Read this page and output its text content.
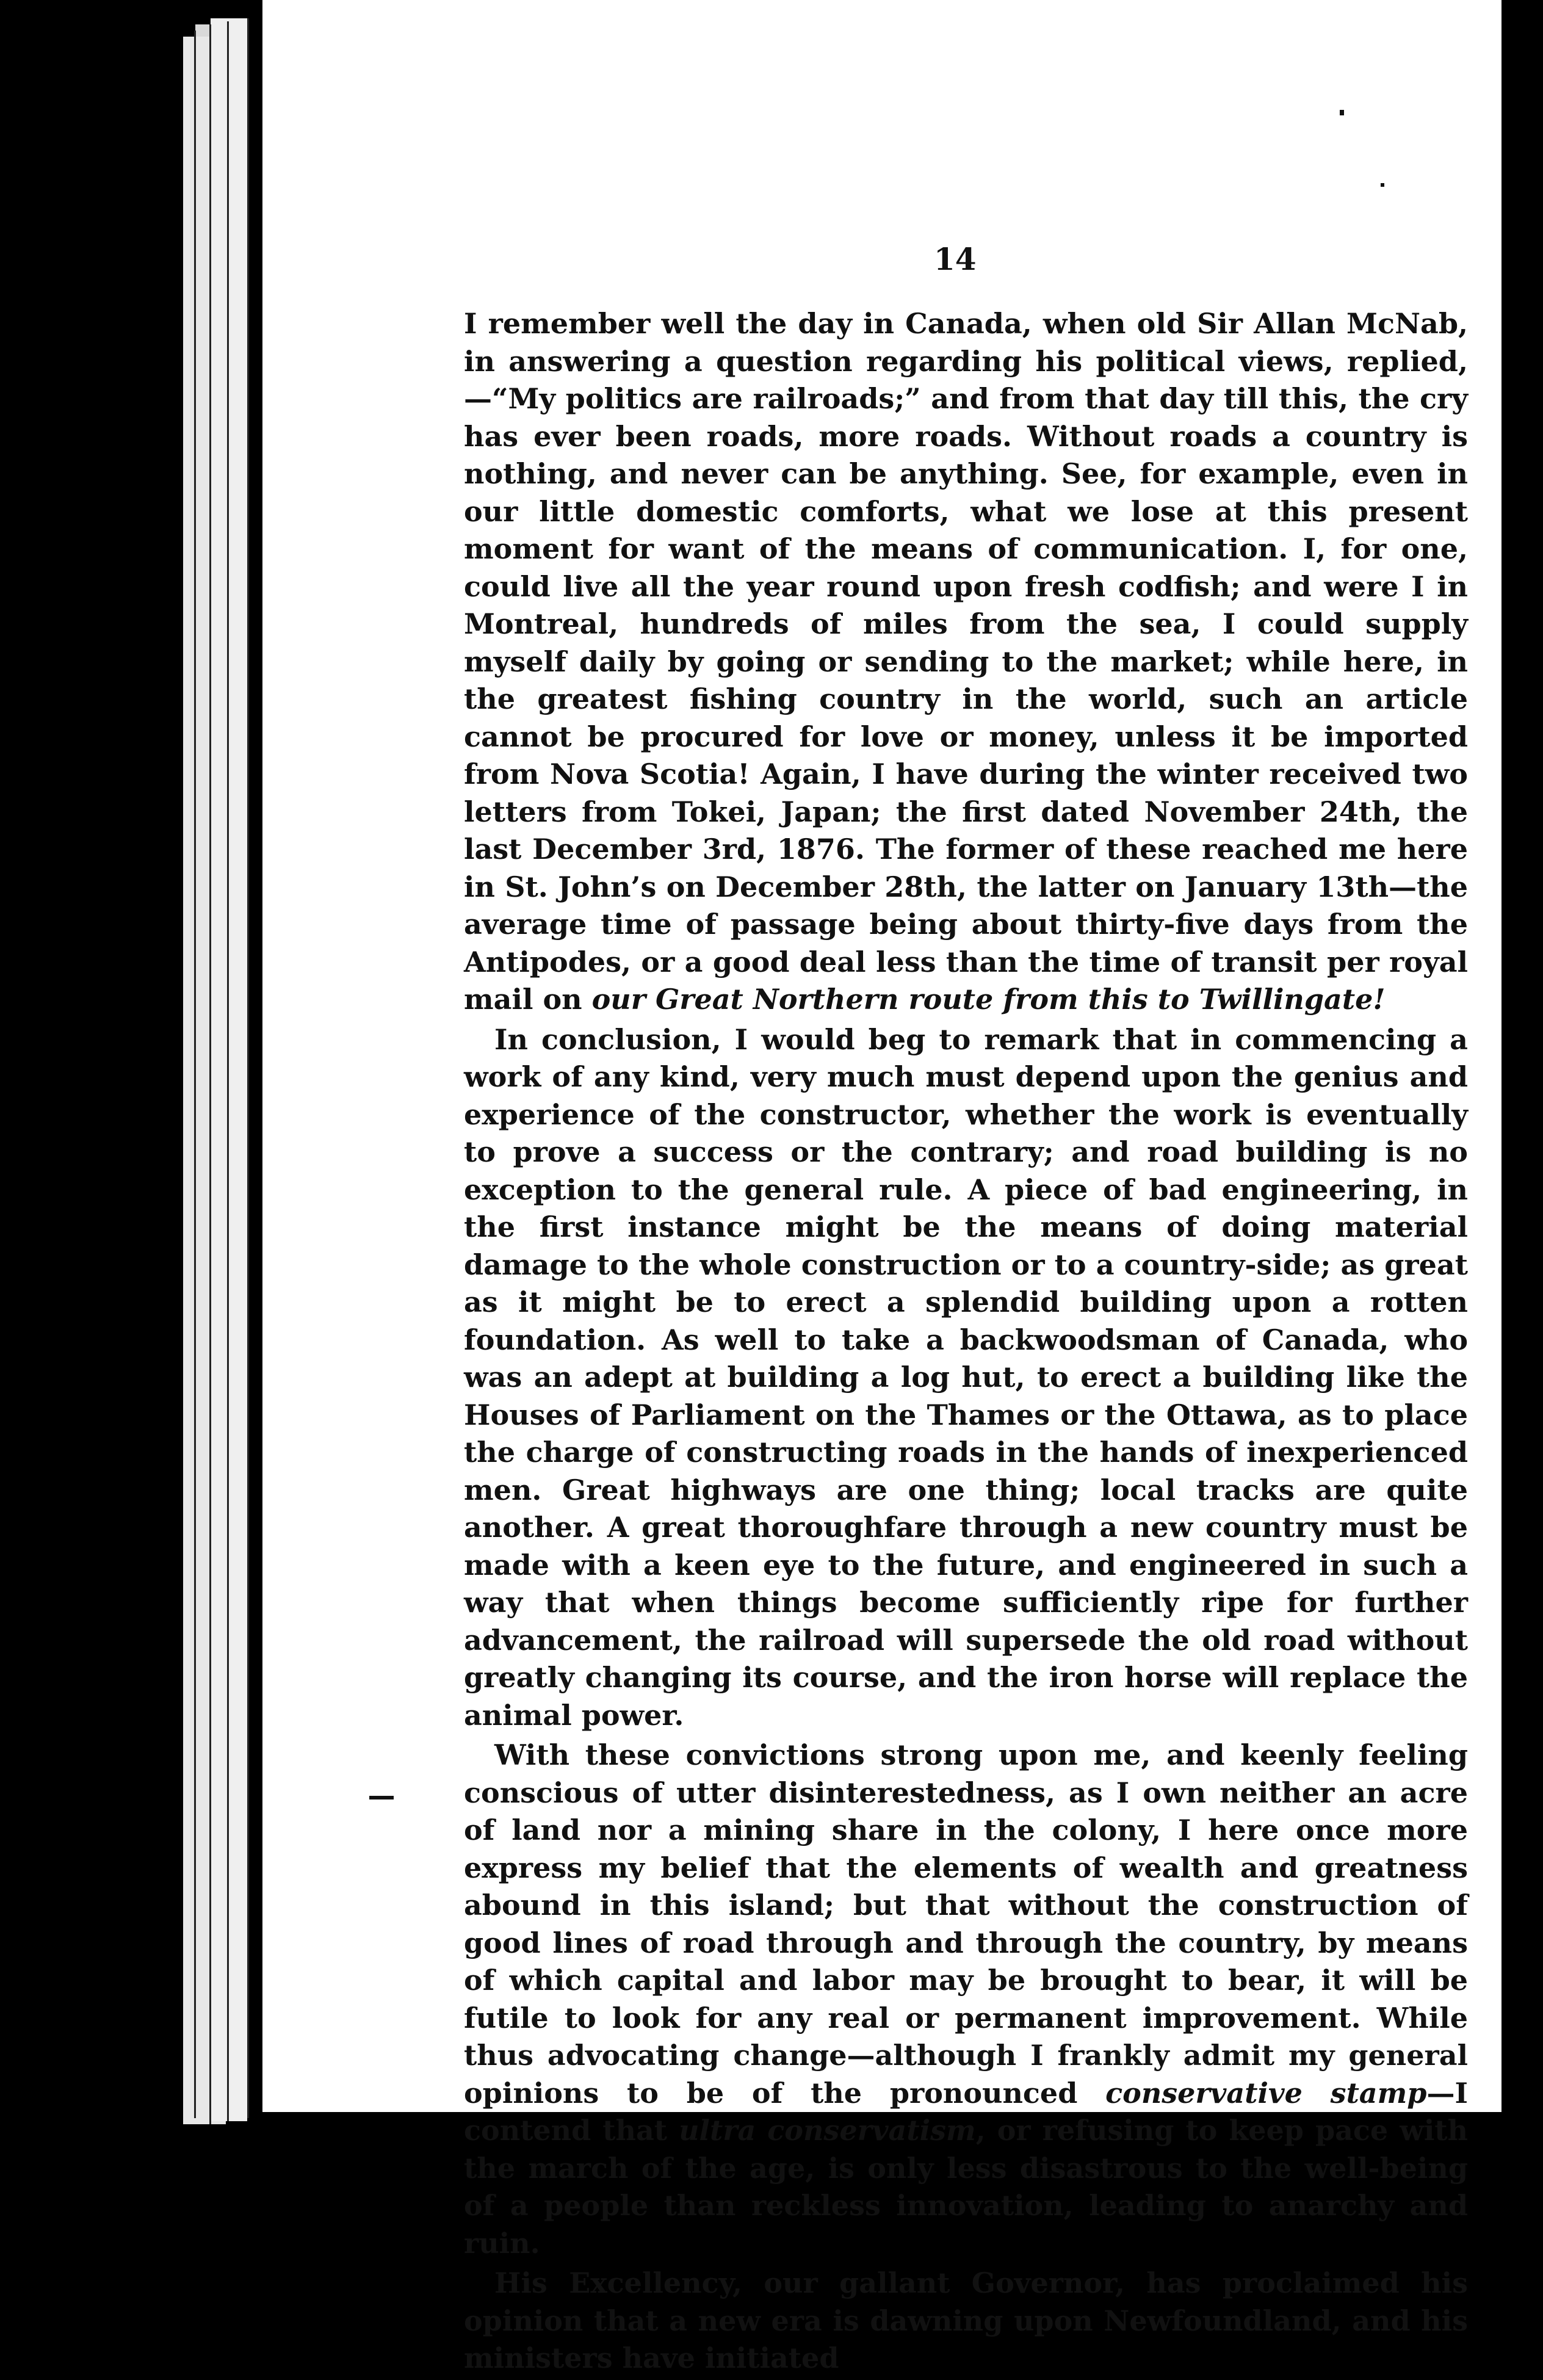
14

I remember well the day in Canada, when old Sir Allan McNab, in answering a question regarding his political views, replied,—“My politics are railroads;” and from that day till this, the cry has ever been roads, more roads. Without roads a country is nothing, and never can be anything. See, for example, even in our little domestic comforts, what we lose at this present moment for want of the means of communication. I, for one, could live all the year round upon fresh codfish; and were I in Montreal, hundreds of miles from the sea, I could supply myself daily by going or sending to the market; while here, in the greatest fishing country in the world, such an article cannot be procured for love or money, unless it be imported from Nova Scotia! Again, I have during the winter received two letters from Tokei, Japan; the first dated November 24th, the last December 3rd, 1876. The former of these reached me here in St. John’s on December 28th, the latter on January 13th—the average time of passage being about thirty-five days from the Antipodes, or a good deal less than the time of transit per royal mail on our Great Northern route from this to Twillingate!

In conclusion, I would beg to remark that in commencing a work of any kind, very much must depend upon the genius and experience of the constructor, whether the work is eventually to prove a success or the contrary; and road building is no exception to the general rule. A piece of bad engineering, in the first instance might be the means of doing material damage to the whole construction or to a country-side; as great as it might be to erect a splendid building upon a rotten foundation. As well to take a backwoodsman of Canada, who was an adept at building a log hut, to erect a building like the Houses of Parliament on the Thames or the Ottawa, as to place the charge of constructing roads in the hands of inexperienced men. Great highways are one thing; local tracks are quite another. A great thoroughfare through a new country must be made with a keen eye to the future, and engineered in such a way that when things become sufficiently ripe for further advancement, the railroad will supersede the old road without greatly changing its course, and the iron horse will replace the animal power.

With these convictions strong upon me, and keenly feeling conscious of utter disinterestedness, as I own neither an acre of land nor a mining share in the colony, I here once more express my belief that the elements of wealth and greatness abound in this island; but that without the construction of good lines of road through and through the country, by means of which capital and labor may be brought to bear, it will be futile to look for any real or permanent improvement. While thus advocating change—although I frankly admit my general opinions to be of the pronounced conservative stamp—I contend that ultra conservatism, or refusing to keep pace with the march of the age, is only less disastrous to the well-being of a people than reckless innovation, leading to anarchy and ruin.

His Excellency, our gallant Governor, has proclaimed his opinion that a new era is dawning upon Newfoundland, and his ministers have initiated
